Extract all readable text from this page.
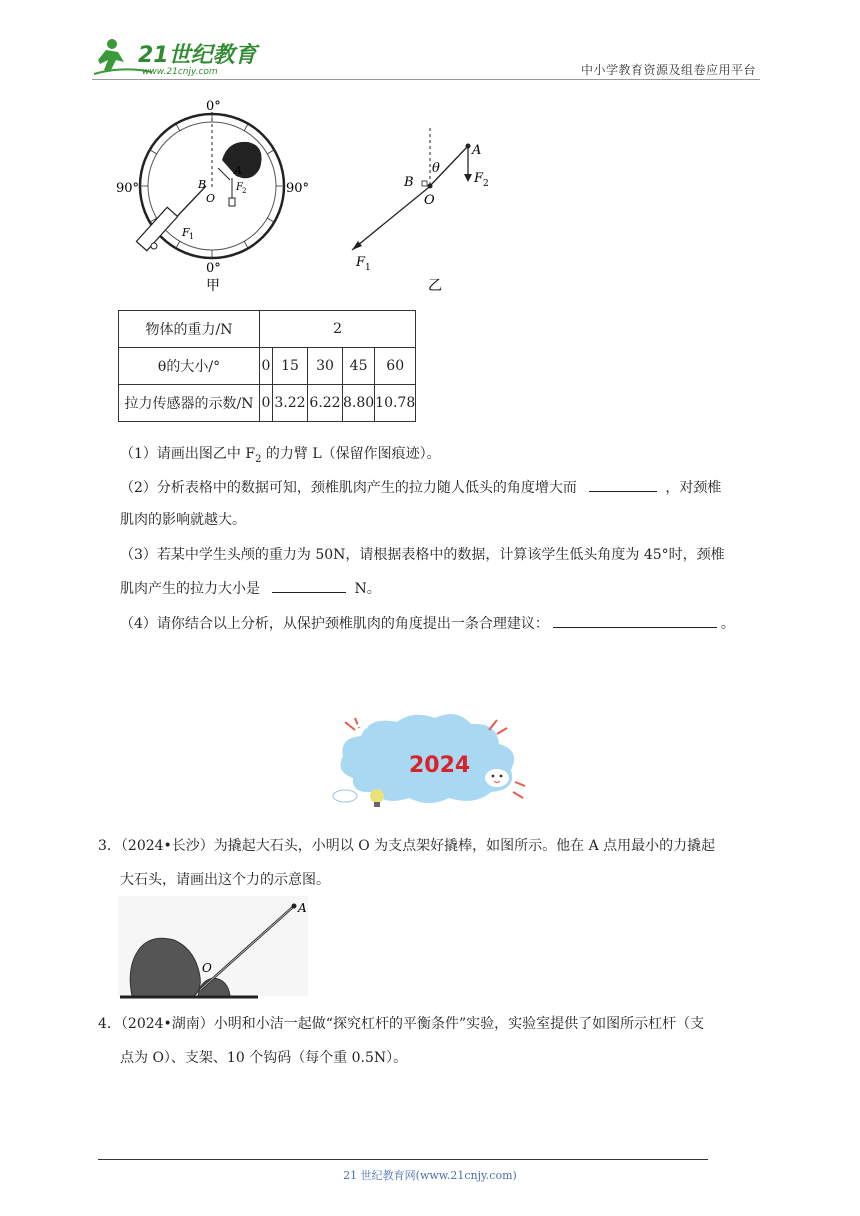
21世纪教育
www.21cnjy.com	中小学教育资源及组卷应用平台
0°
0°
90°	90°
B
O
A
F 1
F 2
甲
θ
B
O
A
F 2
F 1
乙
物体的重力/N	2				
θ的大小/°	0	15	30	45	60
拉力传感器的示数/N	0	3.22	6.22	8.80	10.78
（1）请画出图乙中 $F_2$ 的力臂 L（保留作图痕迹）。
（2）分析表格中的数据可知，颈椎肌肉产生的拉力随人低头的角度增大而	，对颈椎
肌肉的影响就越大。
（3）若某中学生头颅的重力为 50N，请根据表格中的数据，计算该学生低头角度为 45°时，颈椎
肌肉产生的拉力大小是	N。
（4）请你结合以上分析，从保护颈椎肌肉的角度提出一条合理建议：	。
2024
3．（2024•长沙）为撬起大石头，小明以 O 为支点架好撬棒，如图所示。他在 A 点用最小的力撬起
大石头，请画出这个力的示意图。
A
O
4．（2024•湖南）小明和小洁一起做“探究杠杆的平衡条件”实验，实验室提供了如图所示杠杆（支
点为 O）、支架、10 个钩码（每个重 0.5N）。
21 世纪教育网(www.21cnjy.com)
